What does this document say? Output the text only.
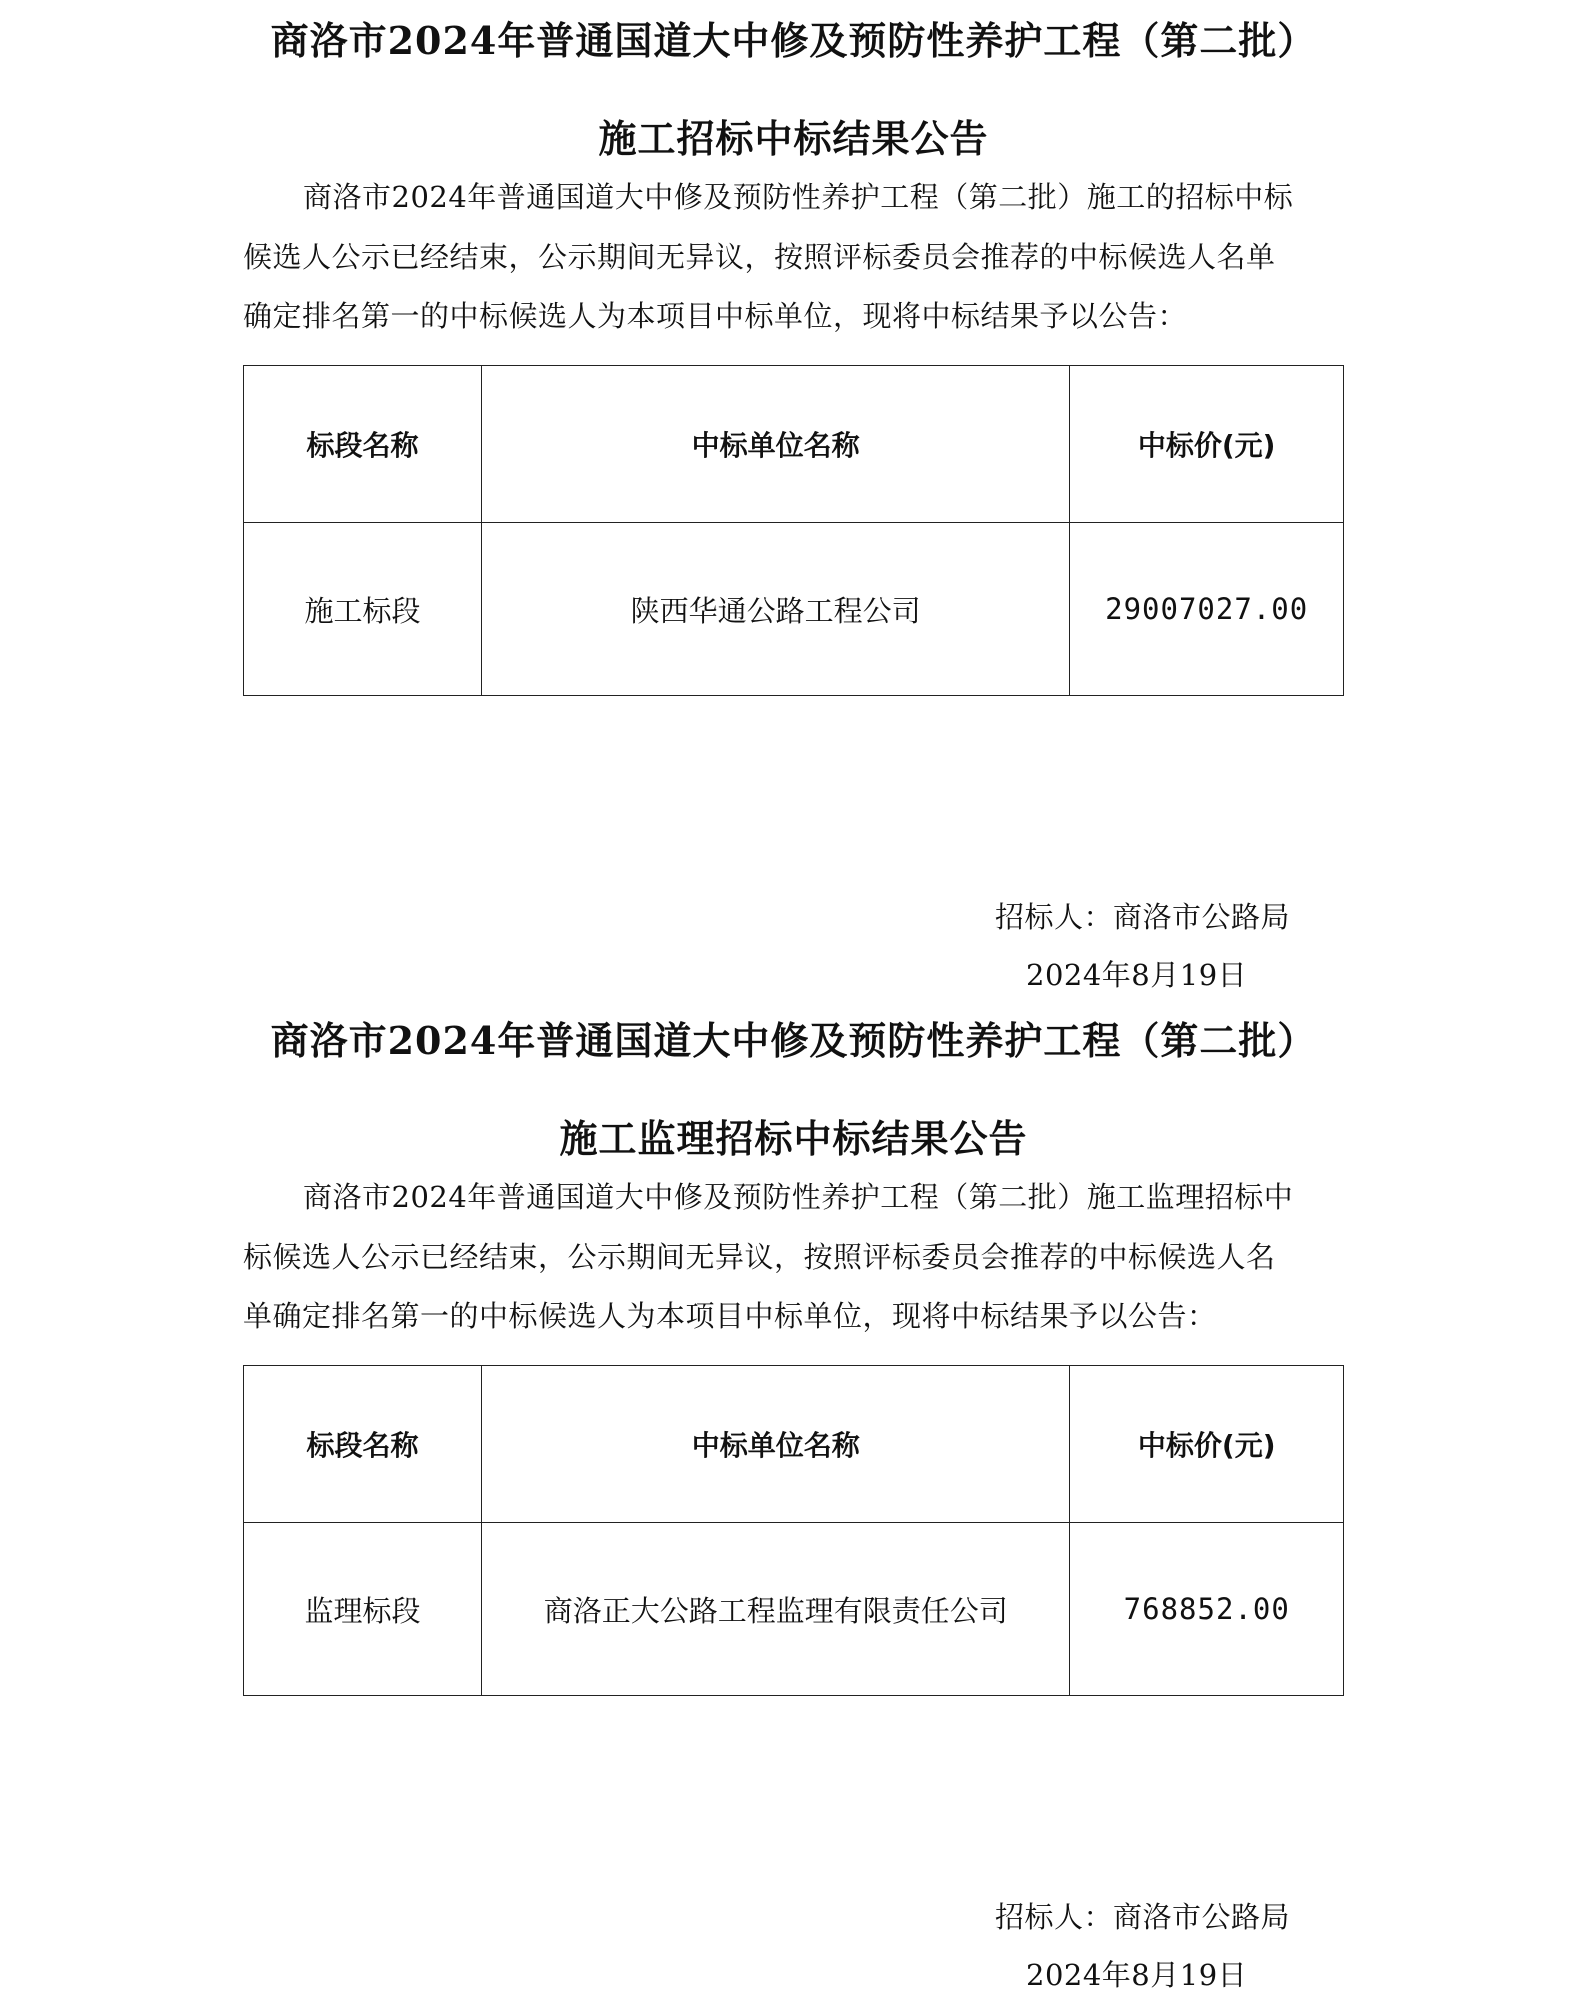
商洛市2024年普通国道大中修及预防性养护工程（第二批）
施工招标中标结果公告
商洛市2024年普通国道大中修及预防性养护工程（第二批）施工的招标中标
候选人公示已经结束，公示期间无异议，按照评标委员会推荐的中标候选人名单
确定排名第一的中标候选人为本项目中标单位，现将中标结果予以公告：
标段名称	中标单位名称	中标价(元)
施工标段	陕西华通公路工程公司	29007027.00
招标人：商洛市公路局
2024年8月19日
商洛市2024年普通国道大中修及预防性养护工程（第二批）
施工监理招标中标结果公告
商洛市2024年普通国道大中修及预防性养护工程（第二批）施工监理招标中
标候选人公示已经结束，公示期间无异议，按照评标委员会推荐的中标候选人名
单确定排名第一的中标候选人为本项目中标单位，现将中标结果予以公告：
标段名称	中标单位名称	中标价(元)
监理标段	商洛正大公路工程监理有限责任公司	768852.00
招标人：商洛市公路局
2024年8月19日
